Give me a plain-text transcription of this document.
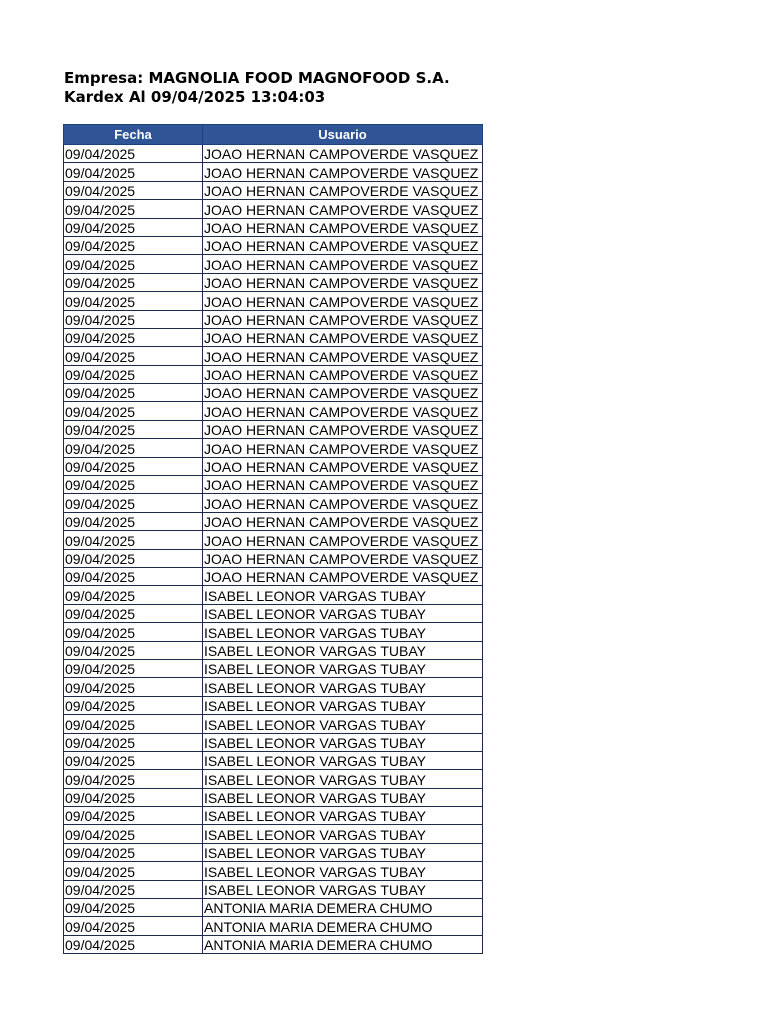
Empresa: MAGNOLIA FOOD MAGNOFOOD S.A.
Kardex Al 09/04/2025 13:04:03
Fecha	Usuario
09/04/2025	JOAO HERNAN CAMPOVERDE VASQUEZ
09/04/2025	JOAO HERNAN CAMPOVERDE VASQUEZ
09/04/2025	JOAO HERNAN CAMPOVERDE VASQUEZ
09/04/2025	JOAO HERNAN CAMPOVERDE VASQUEZ
09/04/2025	JOAO HERNAN CAMPOVERDE VASQUEZ
09/04/2025	JOAO HERNAN CAMPOVERDE VASQUEZ
09/04/2025	JOAO HERNAN CAMPOVERDE VASQUEZ
09/04/2025	JOAO HERNAN CAMPOVERDE VASQUEZ
09/04/2025	JOAO HERNAN CAMPOVERDE VASQUEZ
09/04/2025	JOAO HERNAN CAMPOVERDE VASQUEZ
09/04/2025	JOAO HERNAN CAMPOVERDE VASQUEZ
09/04/2025	JOAO HERNAN CAMPOVERDE VASQUEZ
09/04/2025	JOAO HERNAN CAMPOVERDE VASQUEZ
09/04/2025	JOAO HERNAN CAMPOVERDE VASQUEZ
09/04/2025	JOAO HERNAN CAMPOVERDE VASQUEZ
09/04/2025	JOAO HERNAN CAMPOVERDE VASQUEZ
09/04/2025	JOAO HERNAN CAMPOVERDE VASQUEZ
09/04/2025	JOAO HERNAN CAMPOVERDE VASQUEZ
09/04/2025	JOAO HERNAN CAMPOVERDE VASQUEZ
09/04/2025	JOAO HERNAN CAMPOVERDE VASQUEZ
09/04/2025	JOAO HERNAN CAMPOVERDE VASQUEZ
09/04/2025	JOAO HERNAN CAMPOVERDE VASQUEZ
09/04/2025	JOAO HERNAN CAMPOVERDE VASQUEZ
09/04/2025	JOAO HERNAN CAMPOVERDE VASQUEZ
09/04/2025	ISABEL LEONOR VARGAS TUBAY
09/04/2025	ISABEL LEONOR VARGAS TUBAY
09/04/2025	ISABEL LEONOR VARGAS TUBAY
09/04/2025	ISABEL LEONOR VARGAS TUBAY
09/04/2025	ISABEL LEONOR VARGAS TUBAY
09/04/2025	ISABEL LEONOR VARGAS TUBAY
09/04/2025	ISABEL LEONOR VARGAS TUBAY
09/04/2025	ISABEL LEONOR VARGAS TUBAY
09/04/2025	ISABEL LEONOR VARGAS TUBAY
09/04/2025	ISABEL LEONOR VARGAS TUBAY
09/04/2025	ISABEL LEONOR VARGAS TUBAY
09/04/2025	ISABEL LEONOR VARGAS TUBAY
09/04/2025	ISABEL LEONOR VARGAS TUBAY
09/04/2025	ISABEL LEONOR VARGAS TUBAY
09/04/2025	ISABEL LEONOR VARGAS TUBAY
09/04/2025	ISABEL LEONOR VARGAS TUBAY
09/04/2025	ISABEL LEONOR VARGAS TUBAY
09/04/2025	ANTONIA MARIA DEMERA CHUMO
09/04/2025	ANTONIA MARIA DEMERA CHUMO
09/04/2025	ANTONIA MARIA DEMERA CHUMO
